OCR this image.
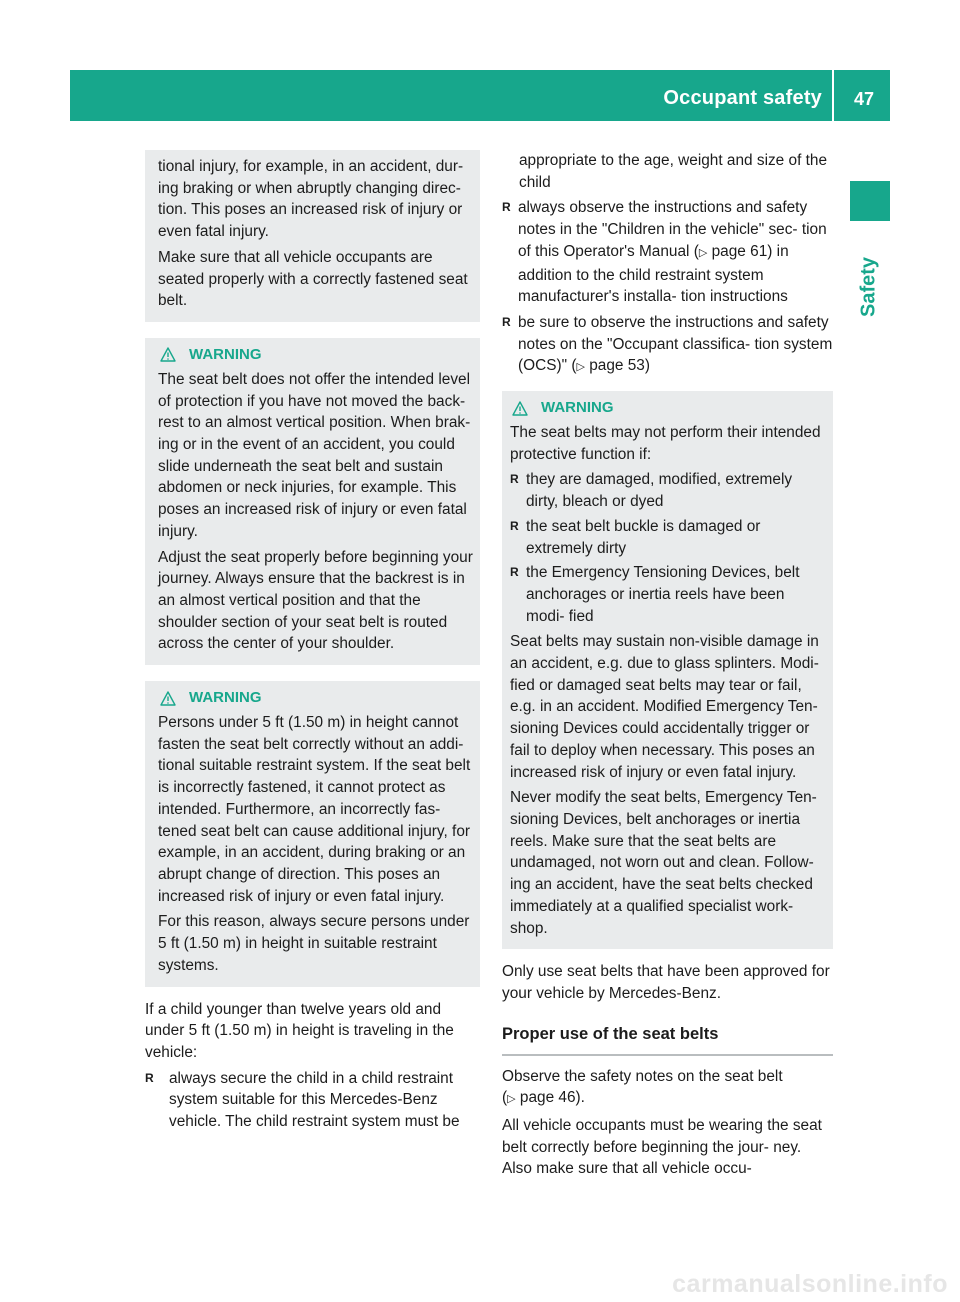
Occupant safety 47
Safety

tional injury, for example, in an accident, dur- ing braking or when abruptly changing direc- tion. This poses an increased risk of injury or even fatal injury.

Make sure that all vehicle occupants are seated properly with a correctly fastened seat belt.

WARNING

The seat belt does not offer the intended level of protection if you have not moved the back- rest to an almost vertical position. When brak- ing or in the event of an accident, you could slide underneath the seat belt and sustain abdomen or neck injuries, for example. This poses an increased risk of injury or even fatal injury.

Adjust the seat properly before beginning your journey. Always ensure that the backrest is in an almost vertical position and that the shoulder section of your seat belt is routed across the center of your shoulder.

WARNING

Persons under 5 ft (1.50 m) in height cannot fasten the seat belt correctly without an addi- tional suitable restraint system. If the seat belt is incorrectly fastened, it cannot protect as intended. Furthermore, an incorrectly fas- tened seat belt can cause additional injury, for example, in an accident, during braking or an abrupt change of direction. This poses an increased risk of injury or even fatal injury.

For this reason, always secure persons under 5 ft (1.50 m) in height in suitable restraint systems.

If a child younger than twelve years old and under 5 ft (1.50 m) in height is traveling in the vehicle:

R always secure the child in a child restraint system suitable for this Mercedes-Benz vehicle. The child restraint system must be
appropriate to the age, weight and size of the child
R always observe the instructions and safety notes in the "Children in the vehicle" sec- tion of this Operator's Manual (▷ page 61) in addition to the child restraint system manufacturer's installa- tion instructions
R be sure to observe the instructions and safety notes on the "Occupant classifica- tion system (OCS)" (▷ page 53)
WARNING

The seat belts may not perform their intended protective function if:

R they are damaged, modified, extremely dirty, bleach or dyed
R the seat belt buckle is damaged or extremely dirty
R the Emergency Tensioning Devices, belt anchorages or inertia reels have been modi- fied

Seat belts may sustain non-visible damage in an accident, e.g. due to glass splinters. Modi- fied or damaged seat belts may tear or fail, e.g. in an accident. Modified Emergency Ten- sioning Devices could accidentally trigger or fail to deploy when necessary. This poses an increased risk of injury or even fatal injury.

Never modify the seat belts, Emergency Ten- sioning Devices, belt anchorages or inertia reels. Make sure that the seat belts are undamaged, not worn out and clean. Follow- ing an accident, have the seat belts checked immediately at a qualified specialist work- shop.

Only use seat belts that have been approved for your vehicle by Mercedes-Benz.

Proper use of the seat belts

Observe the safety notes on the seat belt (▷ page 46).

All vehicle occupants must be wearing the seat belt correctly before beginning the jour- ney. Also make sure that all vehicle occu-

carmanualsonline.info
